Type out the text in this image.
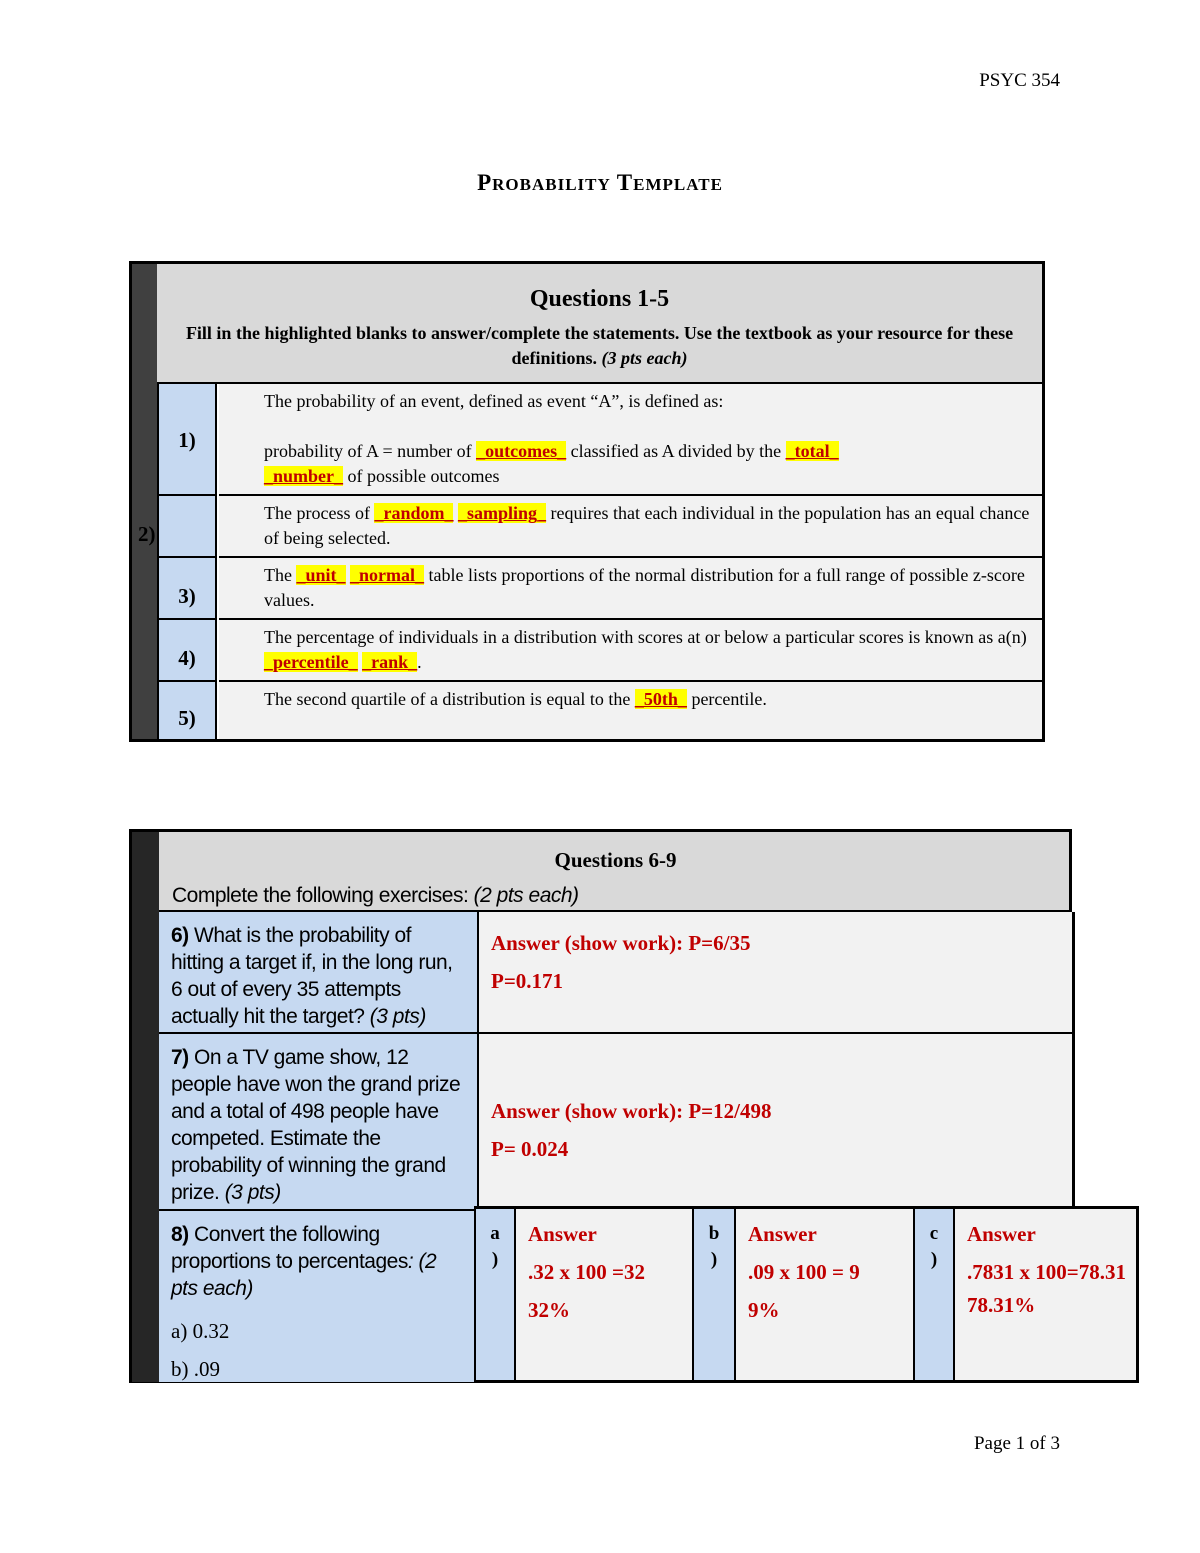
PSYC 354
PROBABILITY TEMPLATE
Questions 1-5

Fill in the highlighted blanks to answer/complete the statements. Use the textbook as your resource for these definitions. (3 pts each)

1)
The probability of an event, defined as event “A”, is defined as:
probability of A = number of _outcomes_ classified as A divided by the _total_
_number_ of possible outcomes
2)
The process of _random_ _sampling_ requires that each individual in the population has an equal chance of being selected.
3)
The _unit_ _normal_ table lists proportions of the normal distribution for a full range of possible z-score values.
4)
The percentage of individuals in a distribution with scores at or below a particular scores is known as a(n) _percentile_ _rank_.
5)
The second quartile of a distribution is equal to the _50th_ percentile.
Questions 6-9
Complete the following exercises: (2 pts each)
6) What is the probability of hitting a target if, in the long run, 6 out of every 35 attempts actually hit the target? (3 pts)
Answer (show work): P=6/35
P=0.171
7) On a TV game show, 12 people have won the grand prize and a total of 498 people have competed. Estimate the probability of winning the grand prize. (3 pts)
Answer (show work): P=12/498
P= 0.024
8) Convert the following proportions to percentages: (2 pts each)
a) 0.32
b) .09
a
)
Answer
.32 x 100 =32
32%
b
)
Answer
.09 x 100 = 9
9%
c
)
Answer
.7831 x 100=78.31
78.31%
Page 1 of 3
